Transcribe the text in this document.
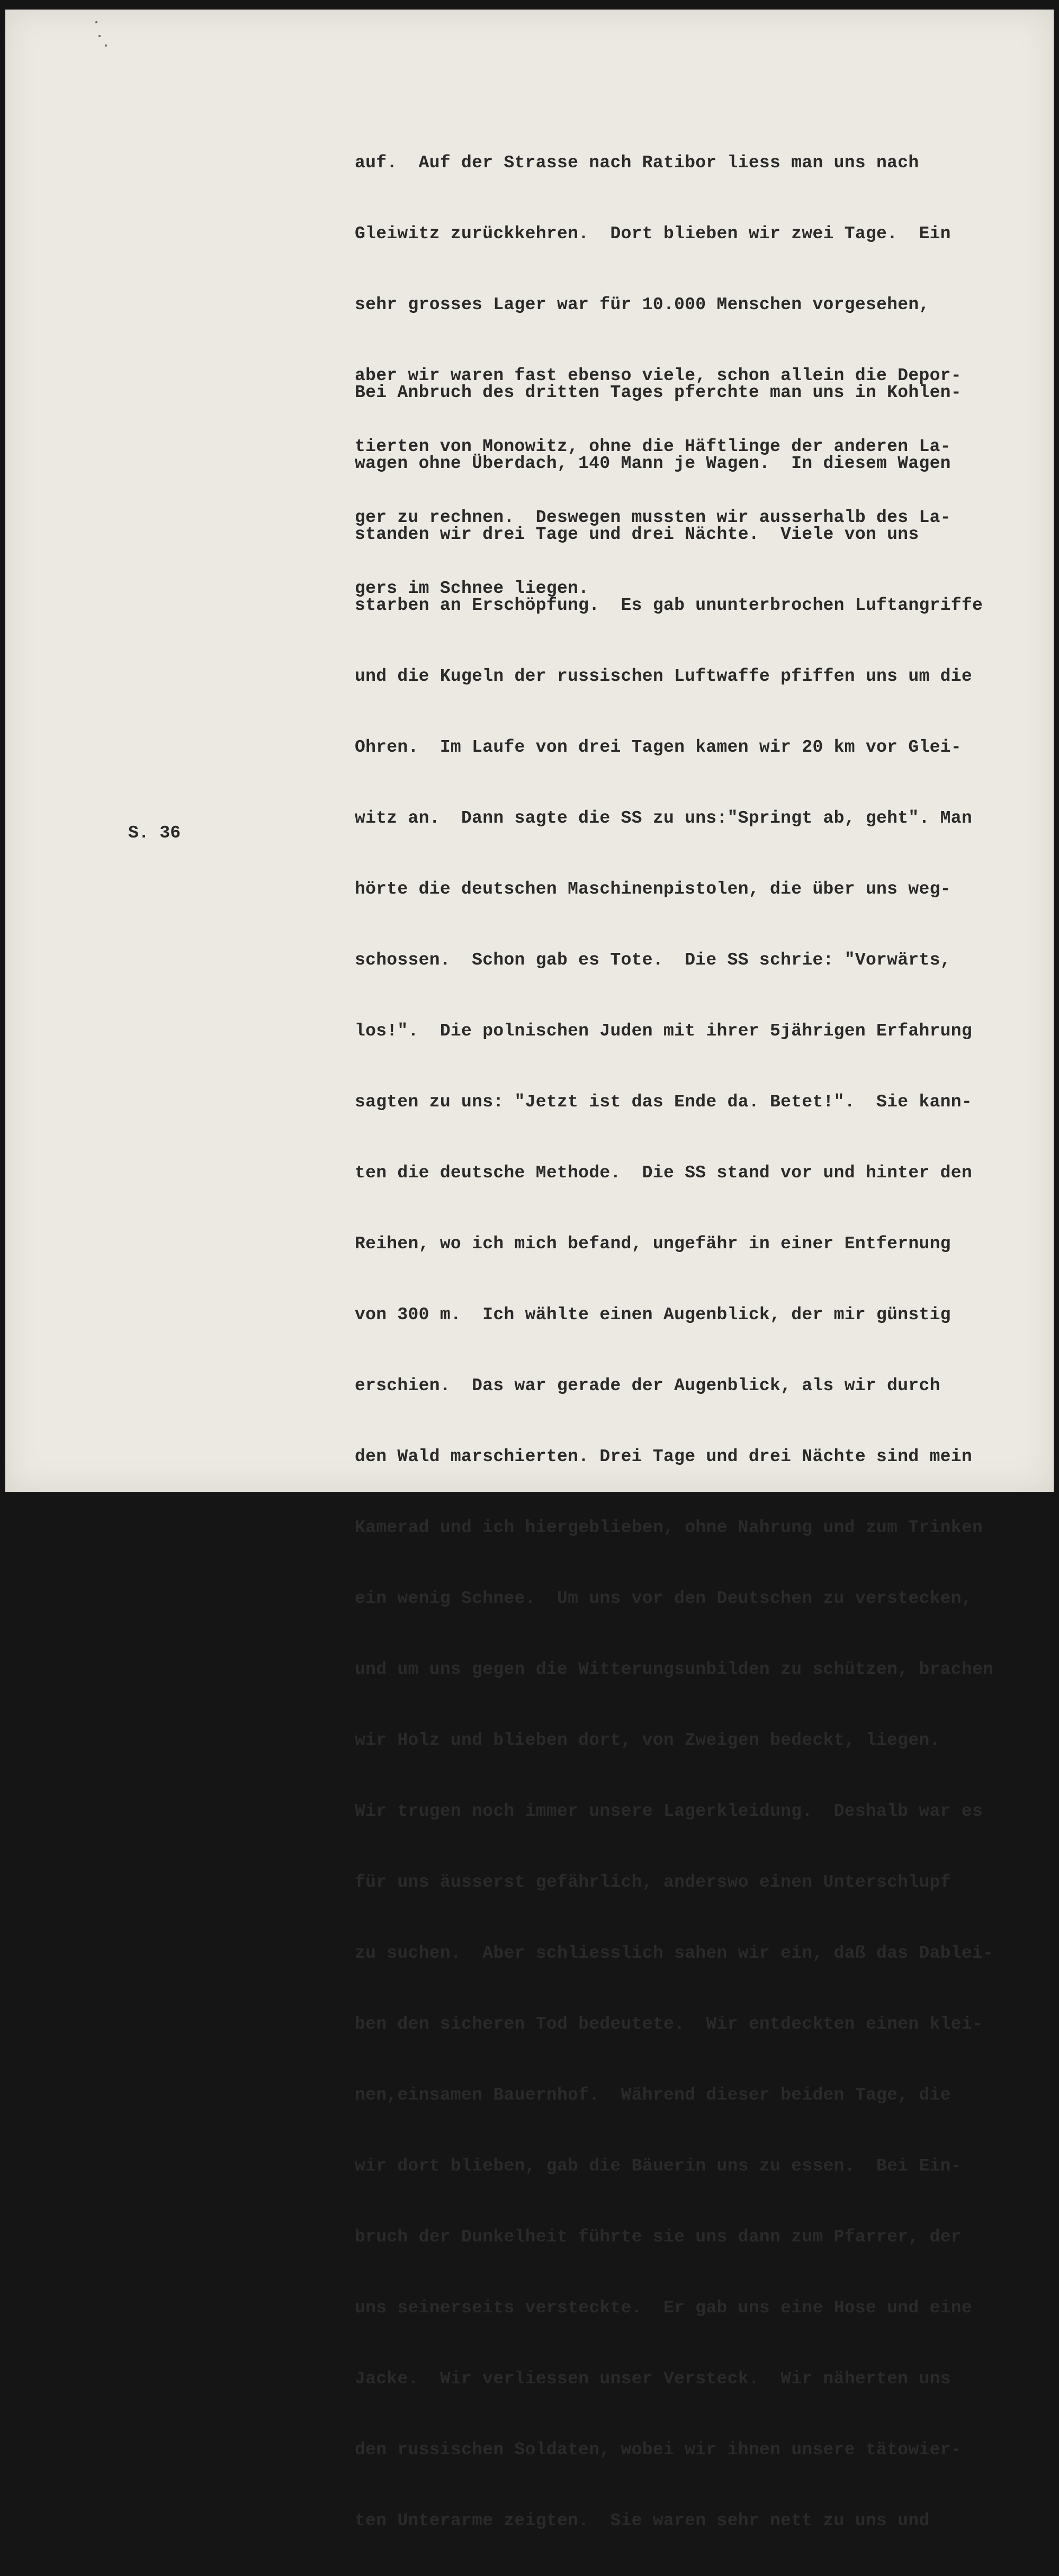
S. 36

auf.  Auf der Strasse nach Ratibor liess man uns nach

Gleiwitz zurückkehren.  Dort blieben wir zwei Tage.  Ein

sehr grosses Lager war für 10.000 Menschen vorgesehen,

aber wir waren fast ebenso viele, schon allein die Depor-

tierten von Monowitz, ohne die Häftlinge der anderen La-

ger zu rechnen.  Deswegen mussten wir ausserhalb des La-

gers im Schnee liegen.

Bei Anbruch des dritten Tages pferchte man uns in Kohlen-

wagen ohne Überdach, 140 Mann je Wagen.  In diesem Wagen

standen wir drei Tage und drei Nächte.  Viele von uns

starben an Erschöpfung.  Es gab ununterbrochen Luftangriffe

und die Kugeln der russischen Luftwaffe pfiffen uns um die

Ohren.  Im Laufe von drei Tagen kamen wir 20 km vor Glei-

witz an.  Dann sagte die SS zu uns:"Springt ab, geht". Man

hörte die deutschen Maschinenpistolen, die über uns weg-

schossen.  Schon gab es Tote.  Die SS schrie: "Vorwärts,

los!".  Die polnischen Juden mit ihrer 5jährigen Erfahrung

sagten zu uns: "Jetzt ist das Ende da. Betet!".  Sie kann-

ten die deutsche Methode.  Die SS stand vor und hinter den

Reihen, wo ich mich befand, ungefähr in einer Entfernung

von 300 m.  Ich wählte einen Augenblick, der mir günstig

erschien.  Das war gerade der Augenblick, als wir durch

den Wald marschierten. Drei Tage und drei Nächte sind mein

Kamerad und ich hiergeblieben, ohne Nahrung und zum Trinken

ein wenig Schnee.  Um uns vor den Deutschen zu verstecken,

und um uns gegen die Witterungsunbilden zu schützen, brachen

wir Holz und blieben dort, von Zweigen bedeckt, liegen.

Wir trugen noch immer unsere Lagerkleidung.  Deshalb war es

für uns äusserst gefährlich, anderswo einen Unterschlupf

zu suchen.  Aber schliesslich sahen wir ein, daß das Dablei-

ben den sicheren Tod bedeutete.  Wir entdeckten einen klei-

nen,einsamen Bauernhof.  Während dieser beiden Tage, die

wir dort blieben, gab die Bäuerin uns zu essen.  Bei Ein-

bruch der Dunkelheit führte sie uns dann zum Pfarrer, der

uns seinerseits versteckte.  Er gab uns eine Hose und eine

Jacke.  Wir verliessen unser Versteck.  Wir näherten uns

den russischen Soldaten, wobei wir ihnen unsere tätowier-

ten Unterarme zeigten.  Sie waren sehr nett zu uns und
